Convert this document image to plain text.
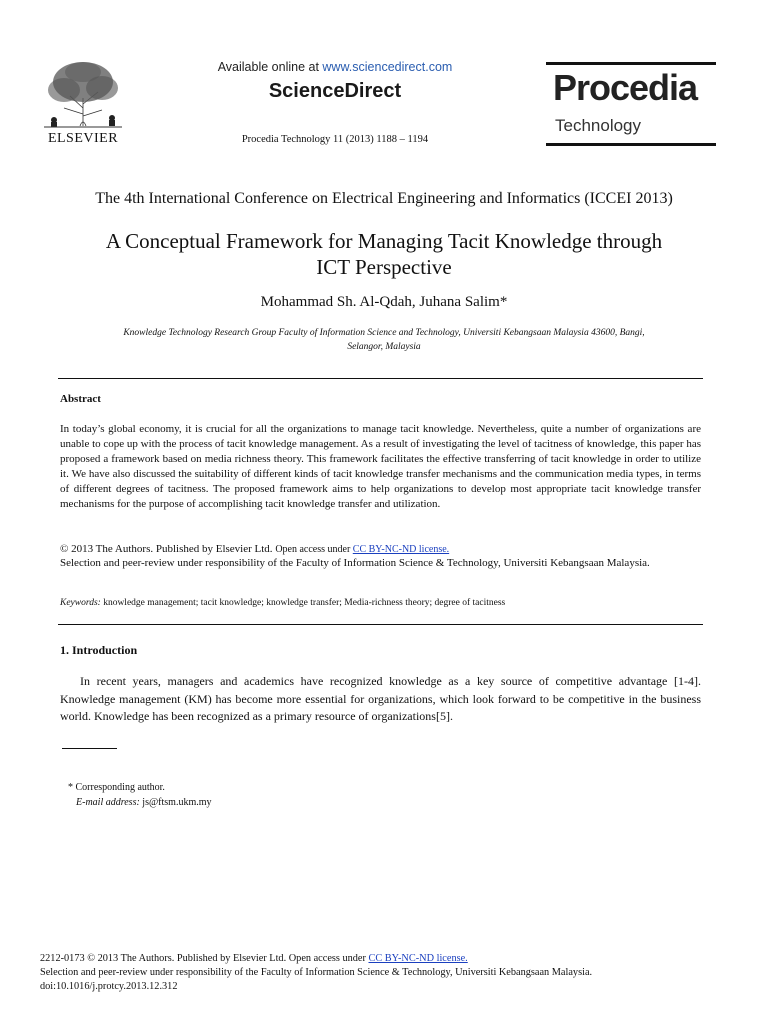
ELSEVIER
Available online at www.sciencedirect.com
ScienceDirect
Procedia Technology 11 (2013) 1188 – 1194
Procedia
Technology
The 4th International Conference on Electrical Engineering and Informatics (ICCEI 2013)
A Conceptual Framework for Managing Tacit Knowledge through
ICT Perspective
Mohammad Sh. Al-Qdah, Juhana Salim*
Knowledge Technology Research Group Faculty of Information Science and Technology, Universiti Kebangsaan Malaysia 43600, Bangi,
Selangor, Malaysia
Abstract
In today’s global economy, it is crucial for all the organizations to manage tacit knowledge. Nevertheless, quite a number of organizations are unable to cope up with the process of tacit knowledge management. As a result of investigating the level of tacitness of knowledge, this paper has proposed a framework based on media richness theory. This framework facilitates the effective transferring of tacit knowledge in order to utilize it. We have also discussed the suitability of different kinds of tacit knowledge transfer mechanisms and the communication media types, in terms of different degrees of tacitness. The proposed framework aims to help organizations to develop most appropriate tacit knowledge transfer mechanisms for the purpose of accomplishing tacit knowledge transfer and utilization.
© 2013 The Authors. Published by Elsevier Ltd. Open access under CC BY-NC-ND license.
Selection and peer-review under responsibility of the Faculty of Information Science & Technology, Universiti Kebangsaan Malaysia.
Keywords: knowledge management; tacit knowledge; knowledge transfer; Media-richness theory; degree of tacitness
1. Introduction
In recent years, managers and academics have recognized knowledge as a key source of competitive advantage [1-4]. Knowledge management (KM) has become more essential for organizations, which look forward to be competitive in the business world. Knowledge has been recognized as a primary resource of organizations[5].
* Corresponding author.
E-mail address: js@ftsm.ukm.my
2212-0173 © 2013 The Authors. Published by Elsevier Ltd. Open access under CC BY-NC-ND license.
Selection and peer-review under responsibility of the Faculty of Information Science & Technology, Universiti Kebangsaan Malaysia.
doi:10.1016/j.protcy.2013.12.312
